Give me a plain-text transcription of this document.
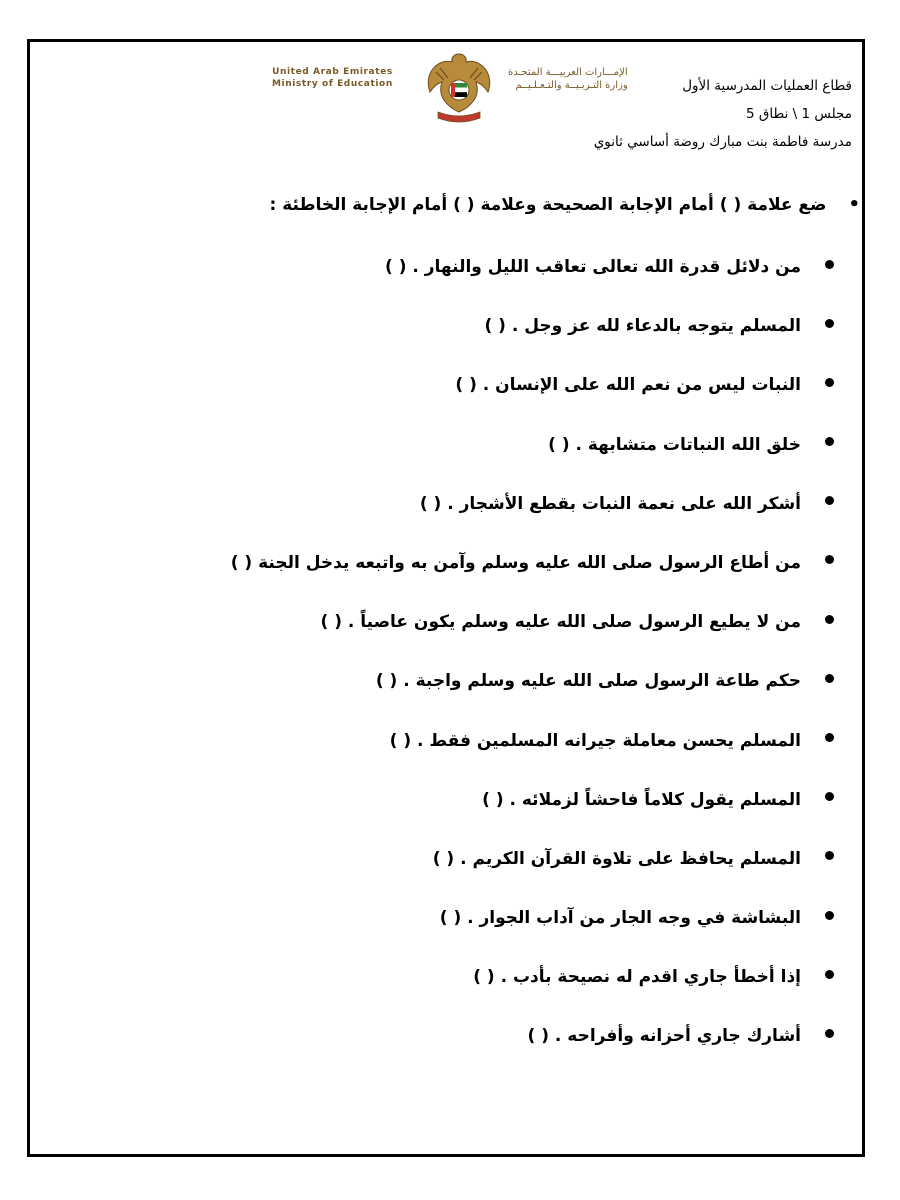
قطاع العمليات المدرسية الأول
مجلس 1 \ نطاق 5
مدرسة فاطمة بنت مبارك روضة أساسي ثانوي
United Arab Emirates
Ministry of Education
الإمـــارات العربيـــة المتحـدة
وزارة التـربـيــة والتـعـلـيــم
•ضع علامة ( ) أمام الإجابة الصحيحة وعلامة ( ) أمام الإجابة الخاطئة :
من دلائل قدرة الله تعالى تعاقب الليل والنهار . ( )
المسلم يتوجه بالدعاء لله عز وجل . ( )
النبات ليس من نعم الله على الإنسان . ( )
خلق الله النباتات متشابهة . ( )
أشكر الله على نعمة النبات بقطع الأشجار . ( )
من أطاع الرسول صلى الله عليه وسلم وآمن به واتبعه يدخل الجنة ( )
من لا يطيع الرسول صلى الله عليه وسلم يكون عاصياً . ( )
حكم طاعة الرسول صلى الله عليه وسلم واجبة . ( )
المسلم يحسن معاملة جيرانه المسلمين فقط . ( )
المسلم يقول كلاماً فاحشاً لزملائه . ( )
المسلم يحافظ على تلاوة القرآن الكريم . ( )
البشاشة في وجه الجار من آداب الجوار . ( )
إذا أخطأ جاري اقدم له نصيحة بأدب . ( )
أشارك جاري أحزانه وأفراحه . ( )
